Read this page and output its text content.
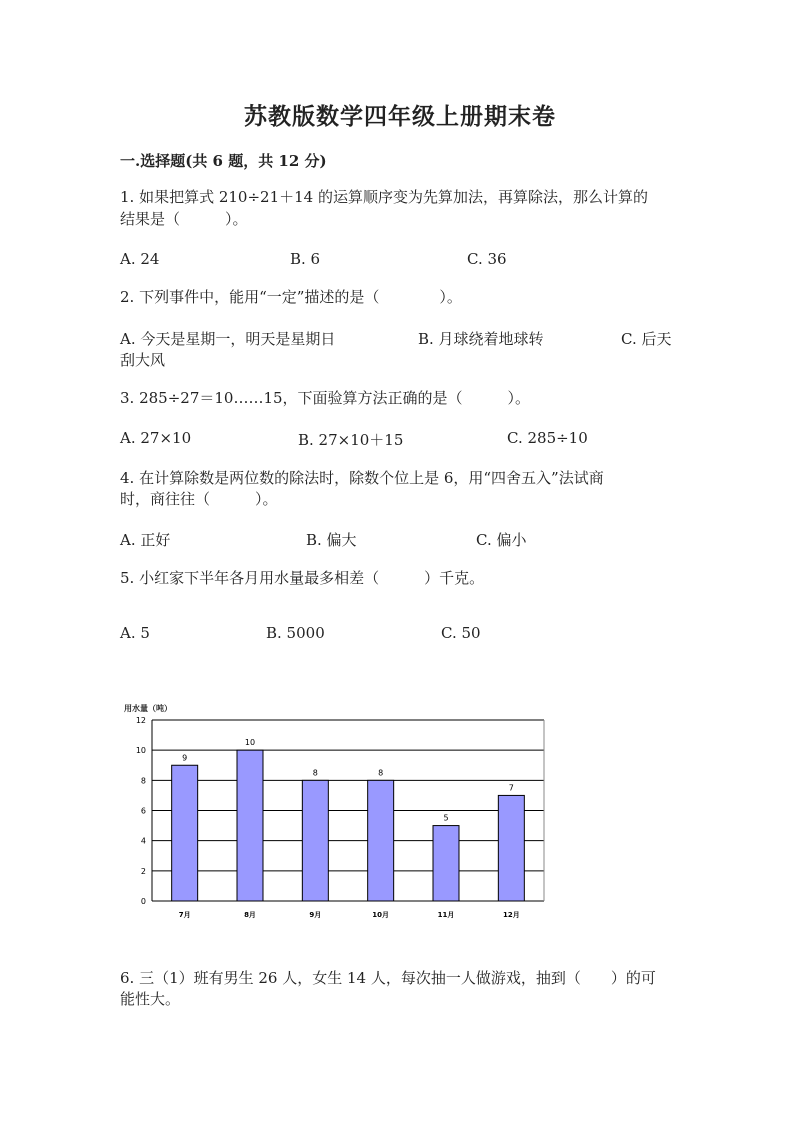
苏教版数学四年级上册期末卷
一.选择题(共 6 题，共 12 分)
1. 如果把算式 210÷21＋14 的运算顺序变为先算加法，再算除法，那么计算的
结果是（　　　）。
A. 24	B. 6	C. 36
2. 下列事件中，能用“一定”描述的是（　　　　）。
A. 今天是星期一，明天是星期日	B. 月球绕着地球转	C. 后天
刮大风
3. 285÷27＝10……15，下面验算方法正确的是（　　　）。
A. 27×10	B. 27×10＋15	C. 285÷10
4. 在计算除数是两位数的除法时，除数个位上是 6，用“四舍五入”法试商
时，商往往（　　　）。
A. 正好	B. 偏大	C. 偏小
5. 小红家下半年各月用水量最多相差（　　　）千克。
A. 5	B. 5000	C. 50
用水量（吨）
0
2
4
6
8
10
12
9
7月
10
8月
8
9月
8
10月
5
11月
7
12月
6. 三（1）班有男生 26 人，女生 14 人，每次抽一人做游戏，抽到（　　）的可
能性大。
